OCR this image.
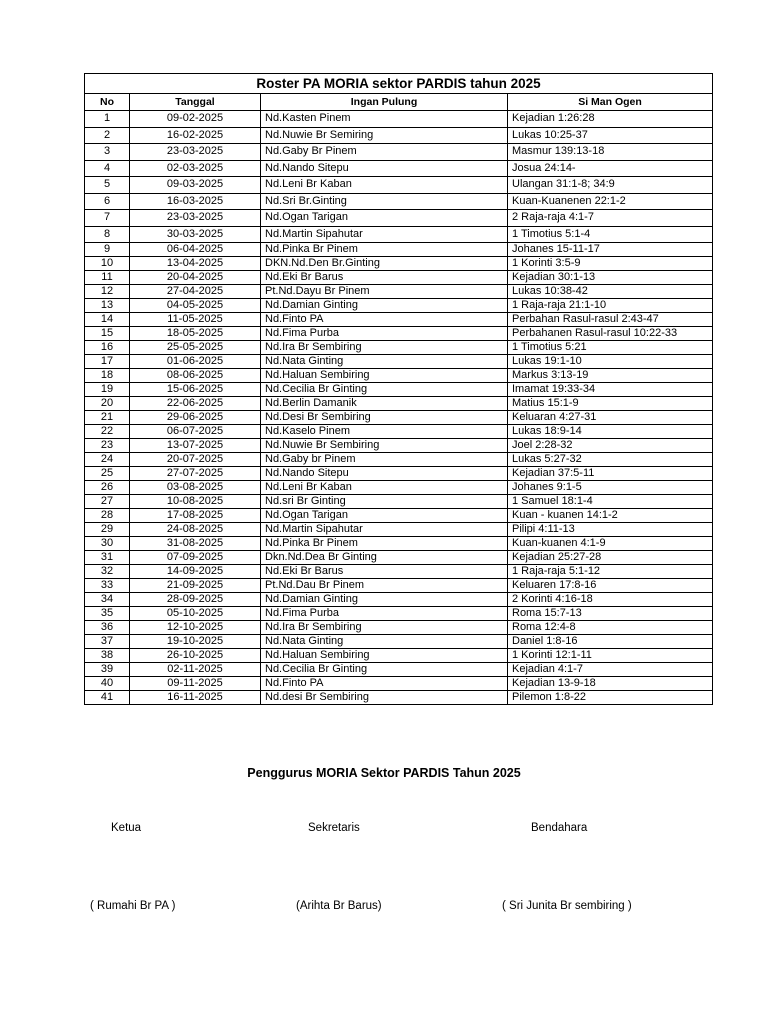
Roster PA MORIA sektor PARDIS tahun 2025			
No	Tanggal	Ingan Pulung	Si Man Ogen
1	09-02-2025	Nd.Kasten Pinem	Kejadian 1:26:28
2	16-02-2025	Nd.Nuwie Br Semiring	Lukas 10:25-37
3	23-03-2025	Nd.Gaby Br Pinem	Masmur 139:13-18
4	02-03-2025	Nd.Nando Sitepu	Josua 24:14-
5	09-03-2025	Nd.Leni Br Kaban	Ulangan 31:1-8; 34:9
6	16-03-2025	Nd.Sri Br.Ginting	Kuan-Kuanenen 22:1-2
7	23-03-2025	Nd.Ogan Tarigan	2 Raja-raja 4:1-7
8	30-03-2025	Nd.Martin Sipahutar	1 Timotius 5:1-4
9	06-04-2025	Nd.Pinka Br Pinem	Johanes 15-11-17
10	13-04-2025	DKN.Nd.Den Br.Ginting	1 Korinti 3:5-9
11	20-04-2025	Nd.Eki Br Barus	Kejadian 30:1-13
12	27-04-2025	Pt.Nd.Dayu Br Pinem	Lukas 10:38-42
13	04-05-2025	Nd.Damian Ginting	1 Raja-raja 21:1-10
14	11-05-2025	Nd.Finto PA	Perbahan Rasul-rasul 2:43-47
15	18-05-2025	Nd.Fima Purba	Perbahanen Rasul-rasul 10:22-33
16	25-05-2025	Nd.Ira Br Sembiring	1 Timotius 5:21
17	01-06-2025	Nd.Nata Ginting	Lukas 19:1-10
18	08-06-2025	Nd.Haluan Sembiring	Markus 3:13-19
19	15-06-2025	Nd.Cecilia Br Ginting	Imamat 19:33-34
20	22-06-2025	Nd.Berlin Damanik	Matius 15:1-9
21	29-06-2025	Nd.Desi Br Sembiring	Keluaran 4:27-31
22	06-07-2025	Nd.Kaselo Pinem	Lukas 18:9-14
23	13-07-2025	Nd.Nuwie Br Sembiring	Joel 2:28-32
24	20-07-2025	Nd.Gaby br Pinem	Lukas 5:27-32
25	27-07-2025	Nd.Nando Sitepu	Kejadian 37:5-11
26	03-08-2025	Nd.Leni Br Kaban	Johanes 9:1-5
27	10-08-2025	Nd.sri Br Ginting	1 Samuel 18:1-4
28	17-08-2025	Nd.Ogan Tarigan	Kuan - kuanen 14:1-2
29	24-08-2025	Nd.Martin Sipahutar	Pilipi 4:11-13
30	31-08-2025	Nd.Pinka Br Pinem	Kuan-kuanen 4:1-9
31	07-09-2025	Dkn.Nd.Dea Br Ginting	Kejadian 25:27-28
32	14-09-2025	Nd.Eki Br Barus	1 Raja-raja 5:1-12
33	21-09-2025	Pt.Nd.Dau Br Pinem	Keluaren 17:8-16
34	28-09-2025	Nd.Damian Ginting	2 Korinti 4:16-18
35	05-10-2025	Nd.Fima Purba	Roma 15:7-13
36	12-10-2025	Nd.Ira Br Sembiring	Roma 12:4-8
37	19-10-2025	Nd.Nata Ginting	Daniel 1:8-16
38	26-10-2025	Nd.Haluan Sembiring	1 Korinti 12:1-11
39	02-11-2025	Nd.Cecilia Br Ginting	Kejadian 4:1-7
40	09-11-2025	Nd.Finto PA	Kejadian 13-9-18
41	16-11-2025	Nd.desi Br Sembiring	Pilemon 1:8-22
Penggurus MORIA Sektor PARDIS Tahun 2025
Ketua	Sekretaris	Bendahara
( Rumahi Br PA )	(Arihta Br Barus)	( Sri Junita Br sembiring )
